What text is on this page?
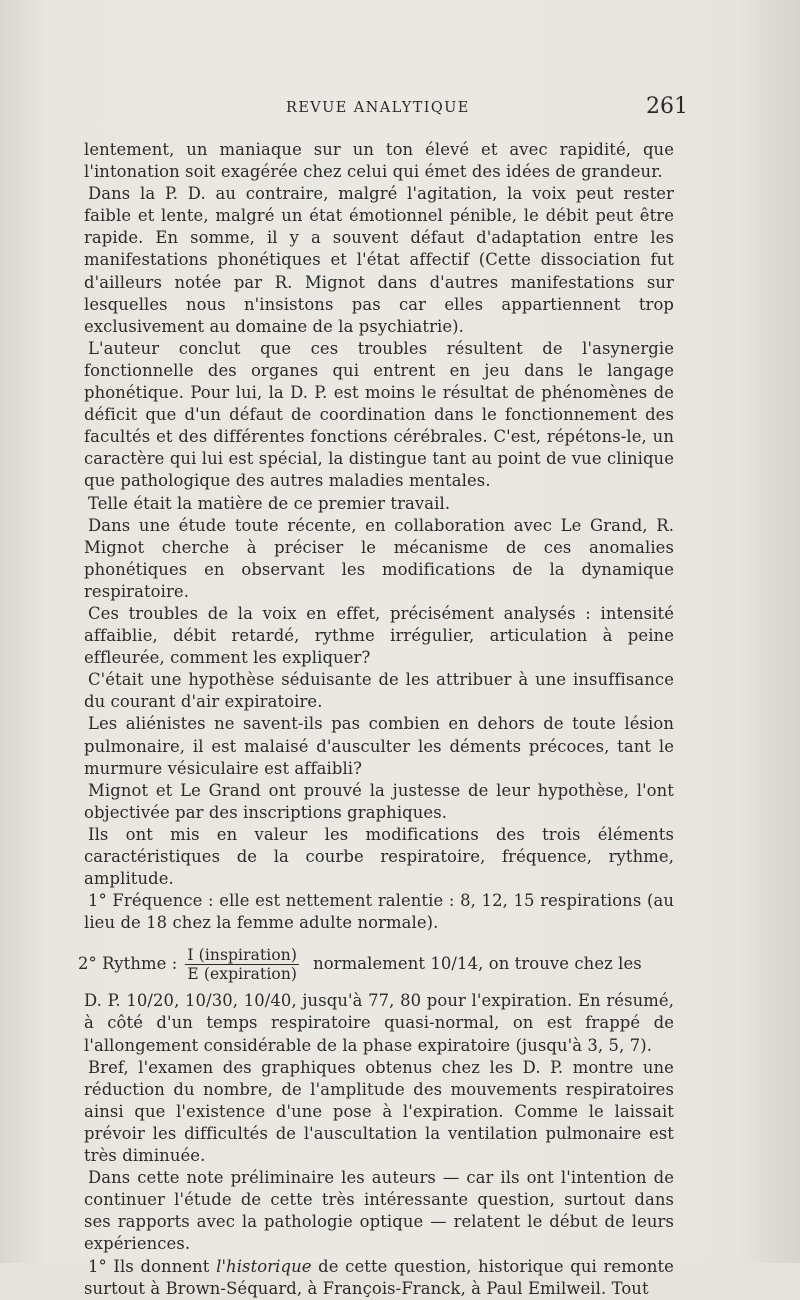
REVUE ANALYTIQUE	261

lentement, un maniaque sur un ton élevé et avec rapidité, que l'intonation soit exagérée chez celui qui émet des idées de grandeur.

Dans la P. D. au contraire, malgré l'agitation, la voix peut rester faible et lente, malgré un état émotionnel pénible, le débit peut être rapide. En somme, il y a souvent défaut d'adaptation entre les manifestations phonétiques et l'état affectif (Cette dissociation fut d'ailleurs notée par R. Mignot dans d'autres manifestations sur lesquelles nous n'insistons pas car elles appartiennent trop exclusivement au domaine de la psychiatrie).

L'auteur conclut que ces troubles résultent de l'asynergie fonctionnelle des organes qui entrent en jeu dans le langage phonétique. Pour lui, la D. P. est moins le résultat de phénomènes de déficit que d'un défaut de coordination dans le fonctionnement des facultés et des différentes fonctions cérébrales. C'est, répétons-le, un caractère qui lui est spécial, la distingue tant au point de vue clinique que pathologique des autres maladies mentales.

Telle était la matière de ce premier travail.

Dans une étude toute récente, en collaboration avec Le Grand, R. Mignot cherche à préciser le mécanisme de ces anomalies phonétiques en observant les modifications de la dynamique respiratoire.

Ces troubles de la voix en effet, précisément analysés : intensité affaiblie, débit retardé, rythme irrégulier, articulation à peine effleurée, comment les expliquer?

C'était une hypothèse séduisante de les attribuer à une insuffisance du courant d'air expiratoire.

Les aliénistes ne savent-ils pas combien en dehors de toute lésion pulmonaire, il est malaisé d'ausculter les déments précoces, tant le murmure vésiculaire est affaibli?

Mignot et Le Grand ont prouvé la justesse de leur hypothèse, l'ont objectivée par des inscriptions graphiques.

Ils ont mis en valeur les modifications des trois éléments caractéristiques de la courbe respiratoire, fréquence, rythme, amplitude.

1° Fréquence : elle est nettement ralentie : 8, 12, 15 respirations (au lieu de 18 chez la femme adulte normale).

2° Rythme : $\frac{\text{I (inspiration)}}{\text{E (expiration)}}$ normalement 10/14, on trouve chez les

D. P. 10/20, 10/30, 10/40, jusqu'à 77, 80 pour l'expiration. En résumé, à côté d'un temps respiratoire quasi-normal, on est frappé de l'allongement considérable de la phase expiratoire (jusqu'à 3, 5, 7).

Bref, l'examen des graphiques obtenus chez les D. P. montre une réduction du nombre, de l'amplitude des mouvements respiratoires ainsi que l'existence d'une pose à l'expiration. Comme le laissait prévoir les difficultés de l'auscultation la ventilation pulmonaire est très diminuée.

Dans cette note préliminaire les auteurs — car ils ont l'intention de continuer l'étude de cette très intéressante question, surtout dans ses rapports avec la pathologie optique — relatent le début de leurs expériences.

1° Ils donnent l'historique de cette question, historique qui remonte surtout à Brown-Séquard, à François-Franck, à Paul Emilweil. Tout
